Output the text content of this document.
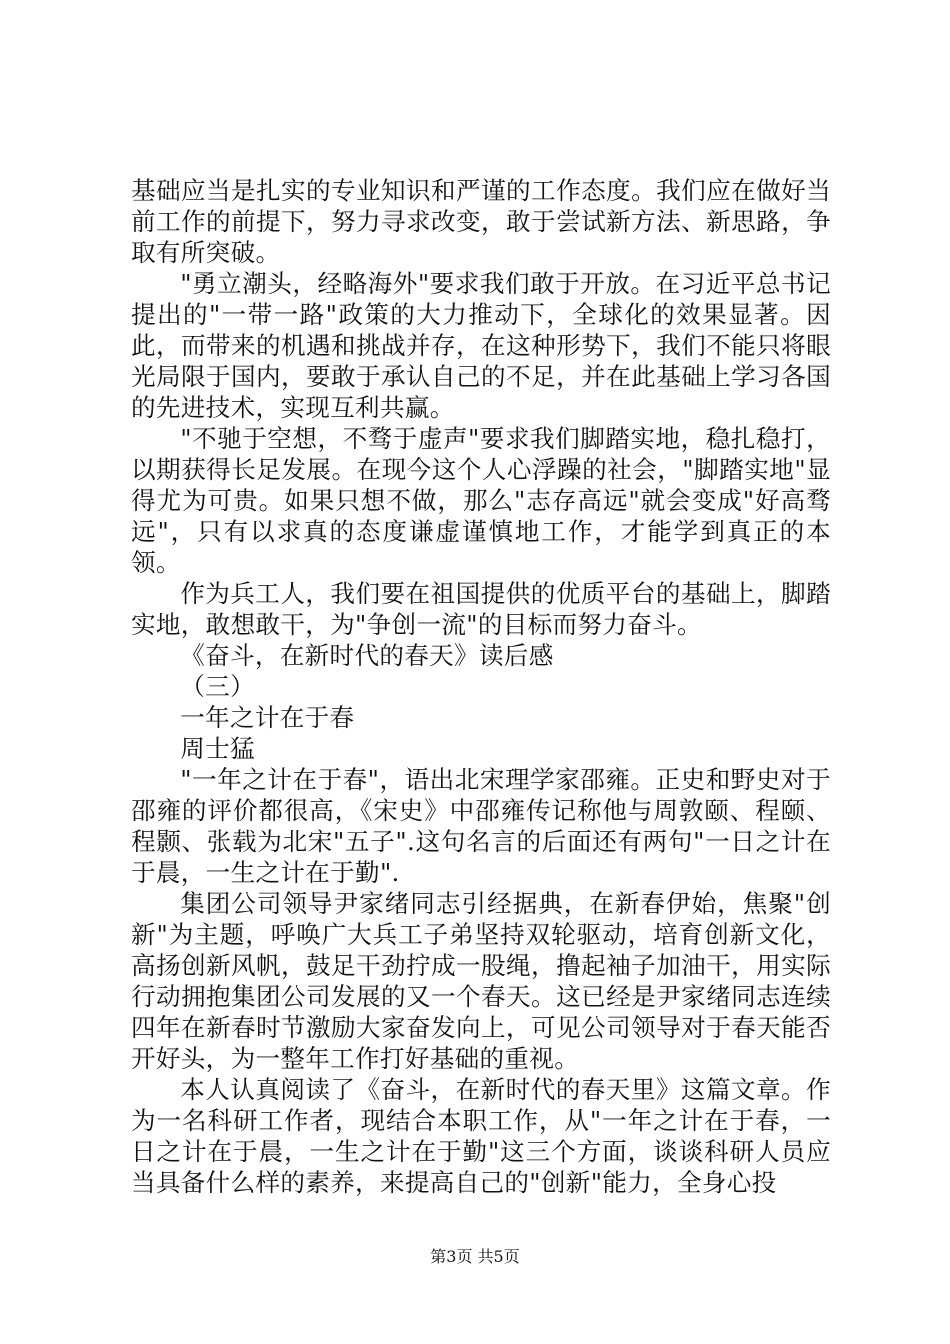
基础应当是扎实的专业知识和严谨的工作态度。我们应在做好当前工作的前提下，努力寻求改变，敢于尝试新方法、新思路，争取有所突破。

"勇立潮头，经略海外"要求我们敢于开放。在习近平总书记提出的"一带一路"政策的大力推动下，全球化的效果显著。因此，而带来的机遇和挑战并存，在这种形势下，我们不能只将眼光局限于国内，要敢于承认自己的不足，并在此基础上学习各国的先进技术，实现互利共赢。

"不驰于空想，不骛于虚声"要求我们脚踏实地，稳扎稳打，以期获得长足发展。在现今这个人心浮躁的社会，"脚踏实地"显得尤为可贵。如果只想不做，那么"志存高远"就会变成"好高骛远"，只有以求真的态度谦虚谨慎地工作，才能学到真正的本领。

作为兵工人，我们要在祖国提供的优质平台的基础上，脚踏实地，敢想敢干，为"争创一流"的目标而努力奋斗。

《奋斗，在新时代的春天》读后感

（三）

一年之计在于春

周士猛

"一年之计在于春"，语出北宋理学家邵雍。正史和野史对于邵雍的评价都很高，《宋史》中邵雍传记称他与周敦颐、程颐、程颢、张载为北宋"五子".这句名言的后面还有两句"一日之计在于晨，一生之计在于勤".

集团公司领导尹家绪同志引经据典，在新春伊始，焦聚"创新"为主题，呼唤广大兵工子弟坚持双轮驱动，培育创新文化，高扬创新风帆，鼓足干劲拧成一股绳，撸起袖子加油干，用实际行动拥抱集团公司发展的又一个春天。这已经是尹家绪同志连续四年在新春时节激励大家奋发向上，可见公司领导对于春天能否开好头，为一整年工作打好基础的重视。

本人认真阅读了《奋斗，在新时代的春天里》这篇文章。作为一名科研工作者，现结合本职工作，从"一年之计在于春，一日之计在于晨，一生之计在于勤"这三个方面，谈谈科研人员应当具备什么样的素养，来提高自己的"创新"能力，全身心投

第3页 共5页
